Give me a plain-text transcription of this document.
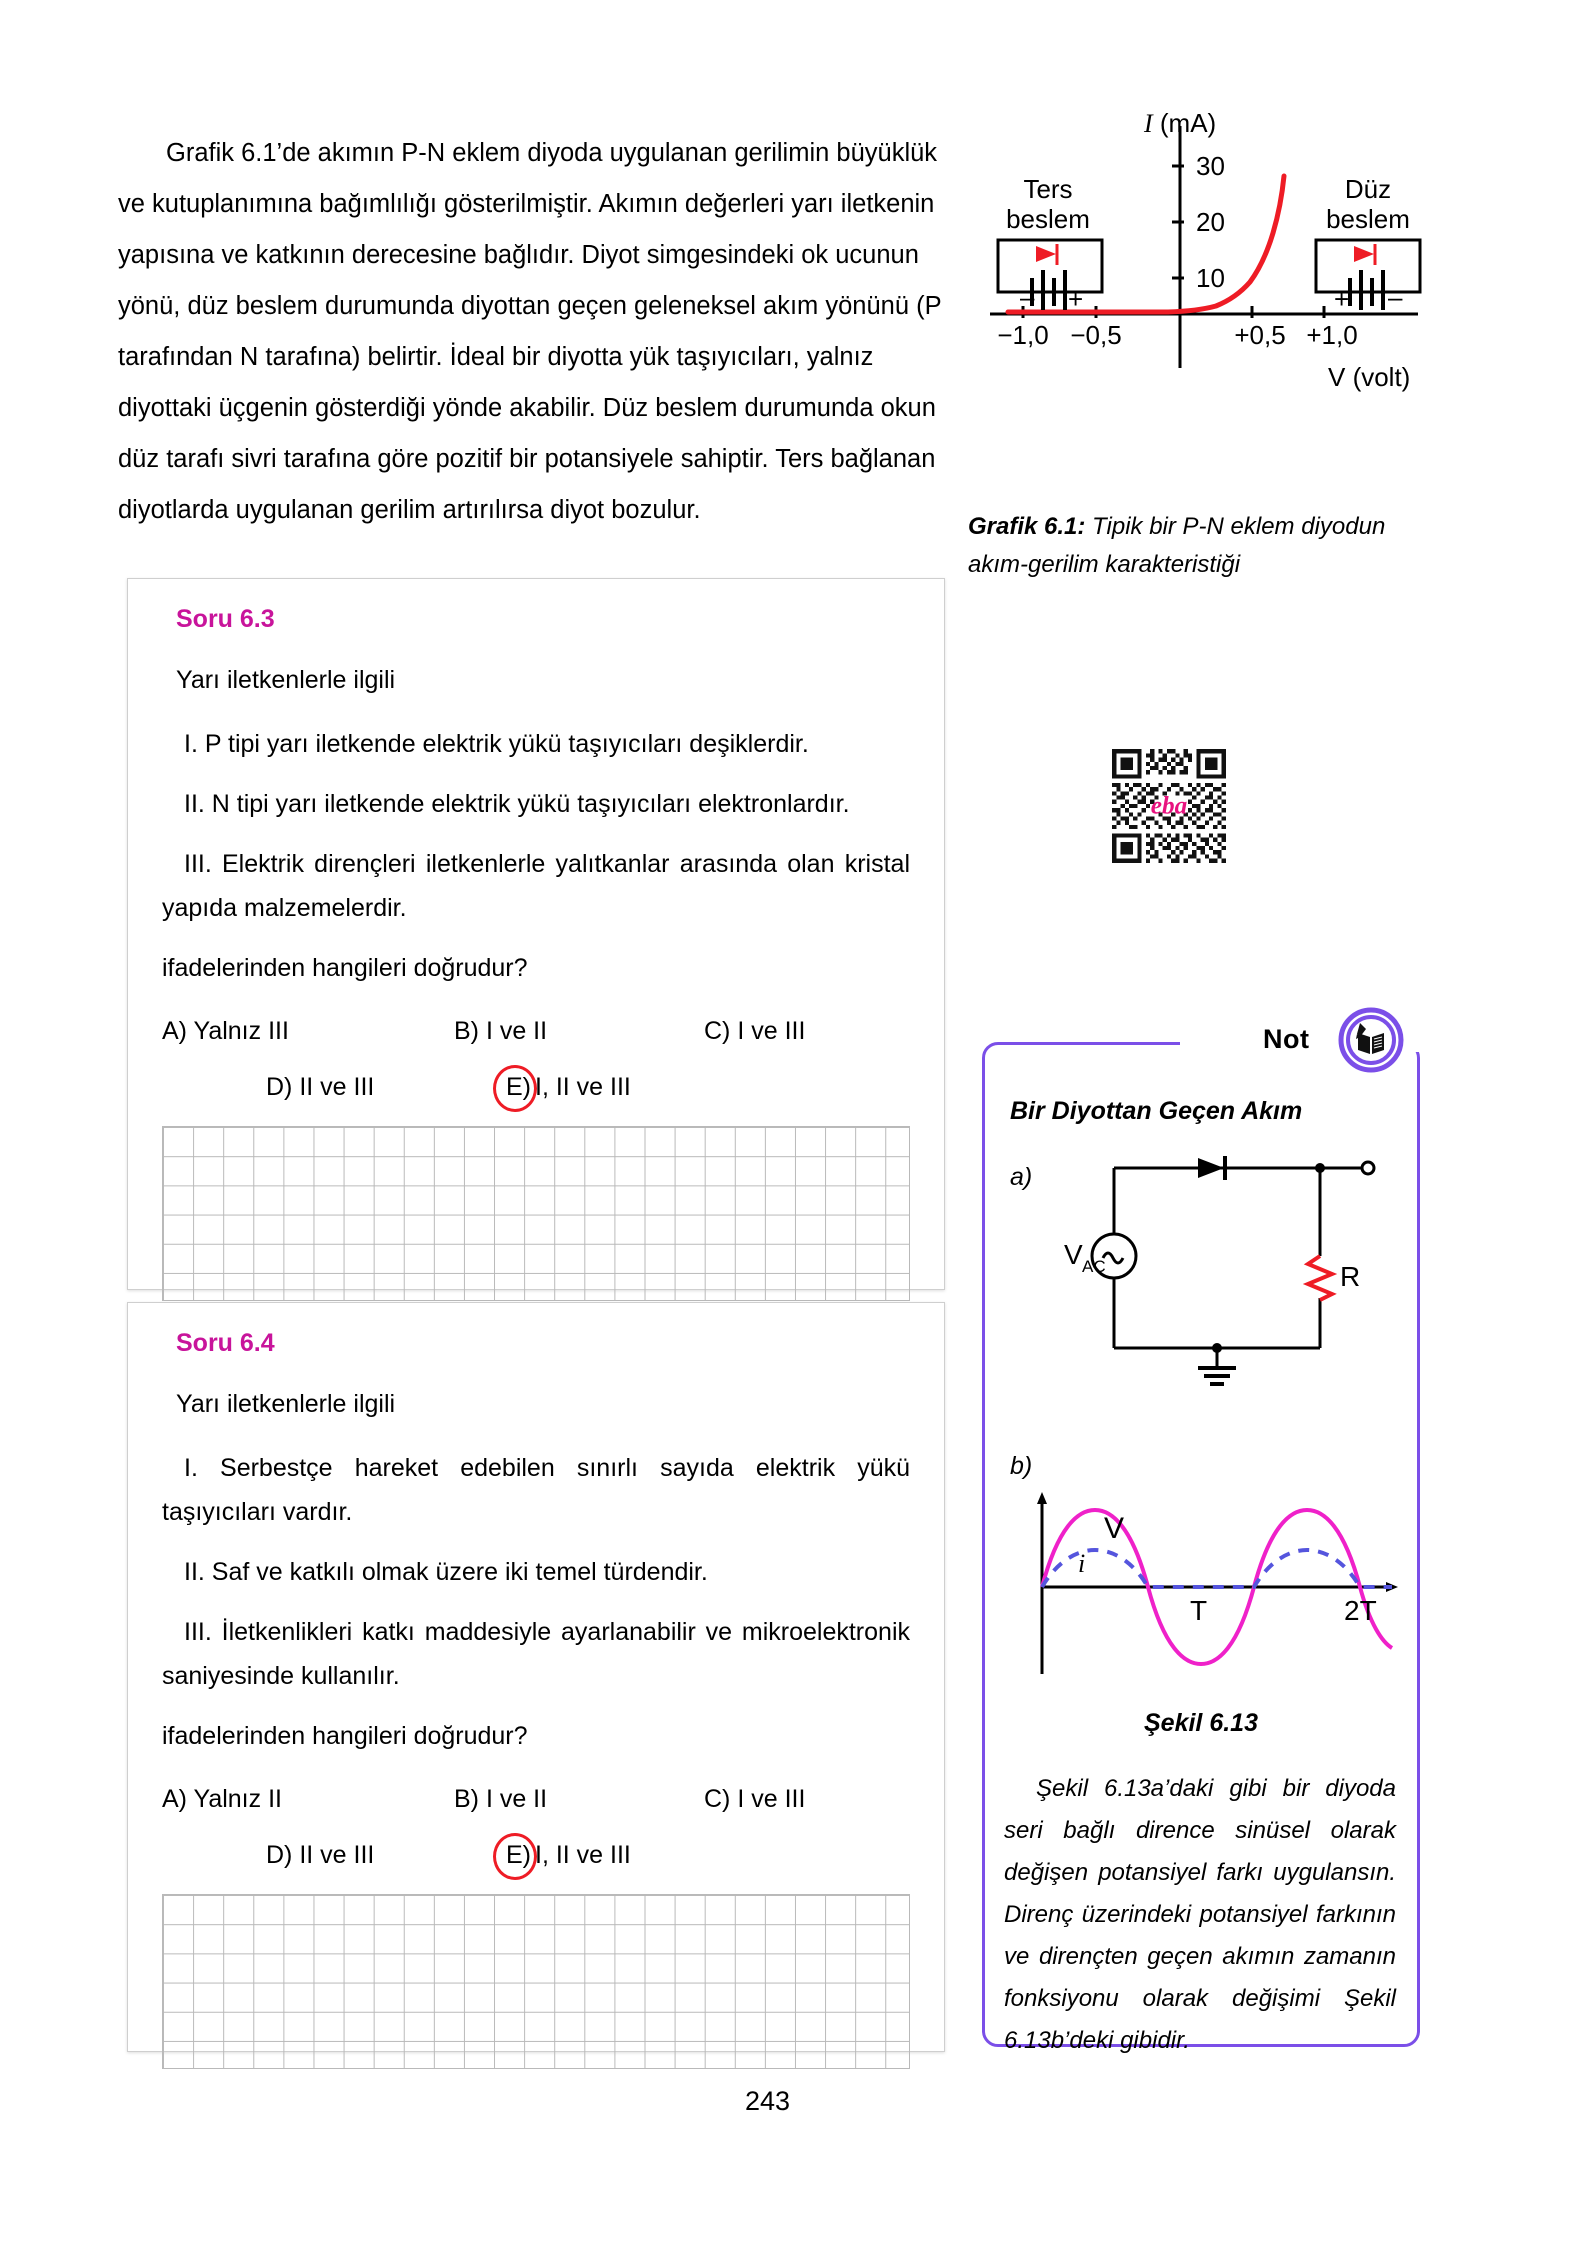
Grafik 6.1’de akımın P-N eklem diyoda uygulanan gerilimin büyüklük ve kutuplanımına bağımlılığı gösterilmiştir. Akımın değerleri yarı iletkenin yapısına ve katkının derecesine bağlıdır. Diyot simgesindeki ok ucunun yönü, düz beslem durumunda diyottan geçen geleneksel akım yönünü (P tarafından N tarafına) belirtir. İdeal bir diyotta yük taşıyıcıları, yalnız diyottaki üçgenin gösterdiği yönde akabilir. Düz beslem durumunda okun düz tarafı sivri tarafına göre pozitif bir potansiyele sahiptir. Ters bağlanan diyotlarda uygulanan gerilim artırılırsa diyot bozulur.

30
20
10
−1,0 −0,5	+0,5 +1,0
V (volt)
Ters
beslem
– +
Düz
beslem
+ –
I (mA)
Grafik 6.1: Tipik bir P-N eklem diyodun akım-gerilim karakteristiği
eba
Soru 6.3
Yarı iletkenlerle ilgili
I. P tipi yarı iletkende elektrik yükü taşıyıcıları deşiklerdir.
II. N tipi yarı iletkende elektrik yükü taşıyıcıları elektronlardır.
III. Elektrik dirençleri iletkenlerle yalıtkanlar arasında olan kristal yapıda malzemelerdir.
ifadelerinden hangileri doğrudur?
A) Yalnız III	B) I ve II	C) I ve III
D) II ve III	E) I, II ve III
Soru 6.4
Yarı iletkenlerle ilgili
I. Serbestçe hareket edebilen sınırlı sayıda elektrik yükü taşıyıcıları vardır.
II. Saf ve katkılı olmak üzere iki temel türdendir.
III. İletkenlikleri katkı maddesiyle ayarlanabilir ve mikroelektronik saniyesinde kullanılır.
ifadelerinden hangileri doğrudur?
A) Yalnız II	B) I ve II	C) I ve III
D) II ve III	E) I, II ve III
Not
Bir Diyottan Geçen Akım
a)
V AC	R
b)
V
i
T	2T
Şekil 6.13
Şekil 6.13a’daki gibi bir diyoda seri bağlı dirence sinüsel olarak değişen potansiyel farkı uygulansın. Direnç üzerindeki potansiyel farkının ve dirençten geçen akımın zamanın fonksiyonu olarak değişimi Şekil 6.13b’deki gibidir.
243
